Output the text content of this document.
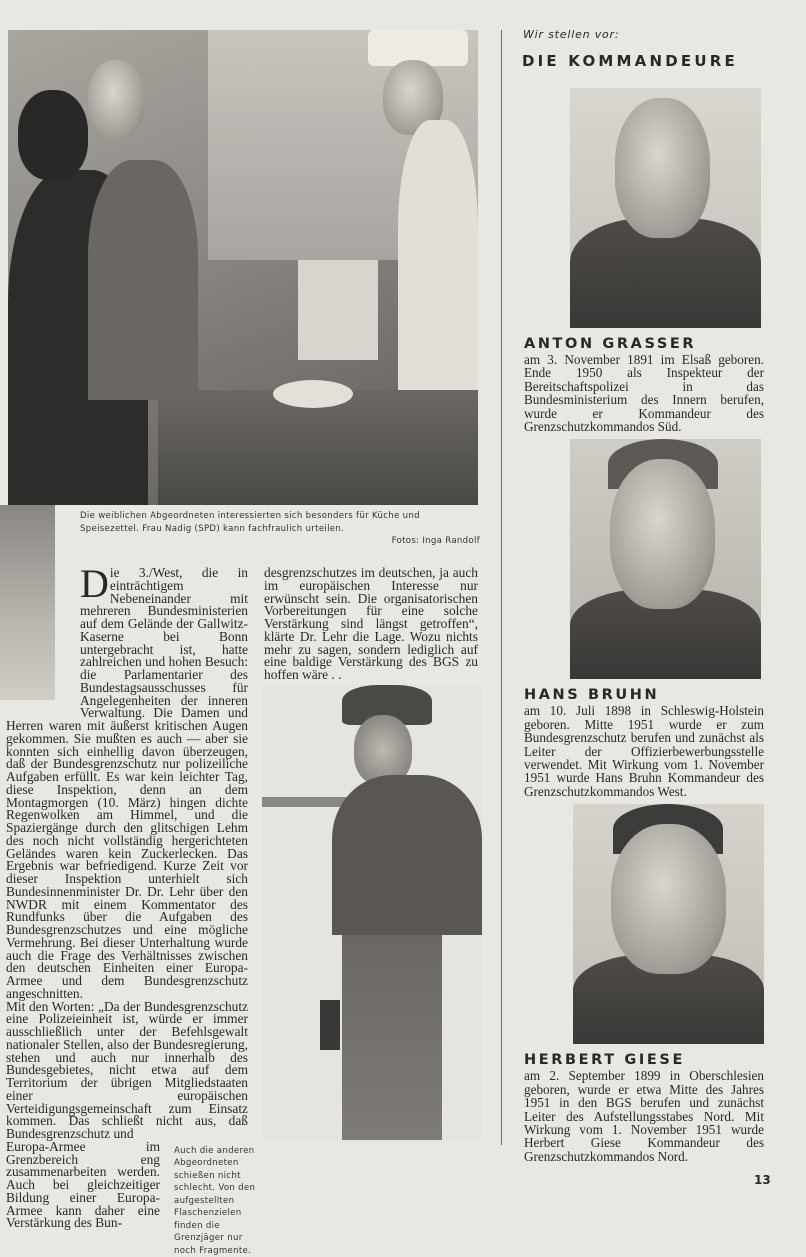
Die weiblichen Abgeordneten interessierten sich besonders für Küche und Speisezettel. Frau Nadig (SPD) kann fachfraulich urteilen.
Fotos: Inga Randolf
Die 3./West, die in einträchtigem Nebeneinander mit mehreren Bundesministerien auf dem Gelände der Gallwitz-Kaserne bei Bonn untergebracht ist, hatte zahlreichen und hohen Besuch: die Parlamentarier des Bundestagsausschusses für Angelegenheiten der inneren Verwaltung. Die Damen und Herren waren mit äußerst kritischen Augen gekommen. Sie mußten es auch — aber sie konnten sich einhellig davon überzeugen, daß der Bundesgrenzschutz nur polizeiliche Aufgaben erfüllt. Es war kein leichter Tag, diese Inspektion, denn an dem Montagmorgen (10. März) hingen dichte Regenwolken am Himmel, und die Spaziergänge durch den glitschigen Lehm des noch nicht vollständig hergerichteten Geländes waren kein Zuckerlecken. Das Ergebnis war befriedigend. Kurze Zeit vor dieser Inspektion unterhielt sich Bundesinnenminister Dr. Dr. Lehr über den NWDR mit einem Kommentator des Rundfunks über die Aufgaben des Bundesgrenzschutzes und eine mögliche Vermehrung. Bei dieser Unterhaltung wurde auch die Frage des Verhältnisses zwischen den deutschen Einheiten einer Europa-Armee und dem Bundesgrenzschutz angeschnitten.

Mit den Worten: „Da der Bundesgrenzschutz eine Polizeieinheit ist, würde er immer ausschließlich unter der Befehlsgewalt nationaler Stellen, also der Bundesregierung, stehen und auch nur innerhalb des Bundesgebietes, nicht etwa auf dem Territorium der übrigen Mitgliedstaaten einer europäischen Verteidigungsgemeinschaft zum Einsatz kommen. Das schließt nicht aus, daß Bundesgrenzschutz und

Europa-Armee im Grenzbereich eng zusammenarbeiten werden. Auch bei gleichzeitiger Bildung einer Europa-Armee kann daher eine Verstärkung des Bun-
desgrenzschutzes im deutschen, ja auch im europäischen Interesse nur erwünscht sein. Die organisatorischen Vorbereitungen für eine solche Verstärkung sind längst getroffen“, klärte Dr. Lehr die Lage. Wozu nichts mehr zu sagen, sondern lediglich auf eine baldige Verstärkung des BGS zu hoffen wäre . .
Auch die anderen Abgeordneten schießen nicht schlecht. Von den aufgestellten Flaschenzielen finden die Grenzjäger nur noch Fragmente.
Wir stellen vor:
DIE KOMMANDEURE
ANTON GRASSER
am 3. November 1891 im Elsaß geboren. Ende 1950 als Inspekteur der Bereitschaftspolizei in das Bundesministerium des Innern berufen, wurde er Kommandeur des Grenzschutzkommandos Süd.
HANS BRUHN
am 10. Juli 1898 in Schleswig-Holstein geboren. Mitte 1951 wurde er zum Bundesgrenzschutz berufen und zunächst als Leiter der Offizierbewerbungsstelle verwendet. Mit Wirkung vom 1. November 1951 wurde Hans Bruhn Kommandeur des Grenzschutzkommandos West.
HERBERT GIESE
am 2. September 1899 in Oberschlesien geboren, wurde er etwa Mitte des Jahres 1951 in den BGS berufen und zunächst Leiter des Aufstellungsstabes Nord. Mit Wirkung vom 1. November 1951 wurde Herbert Giese Kommandeur des Grenzschutzkommandos Nord.
13
